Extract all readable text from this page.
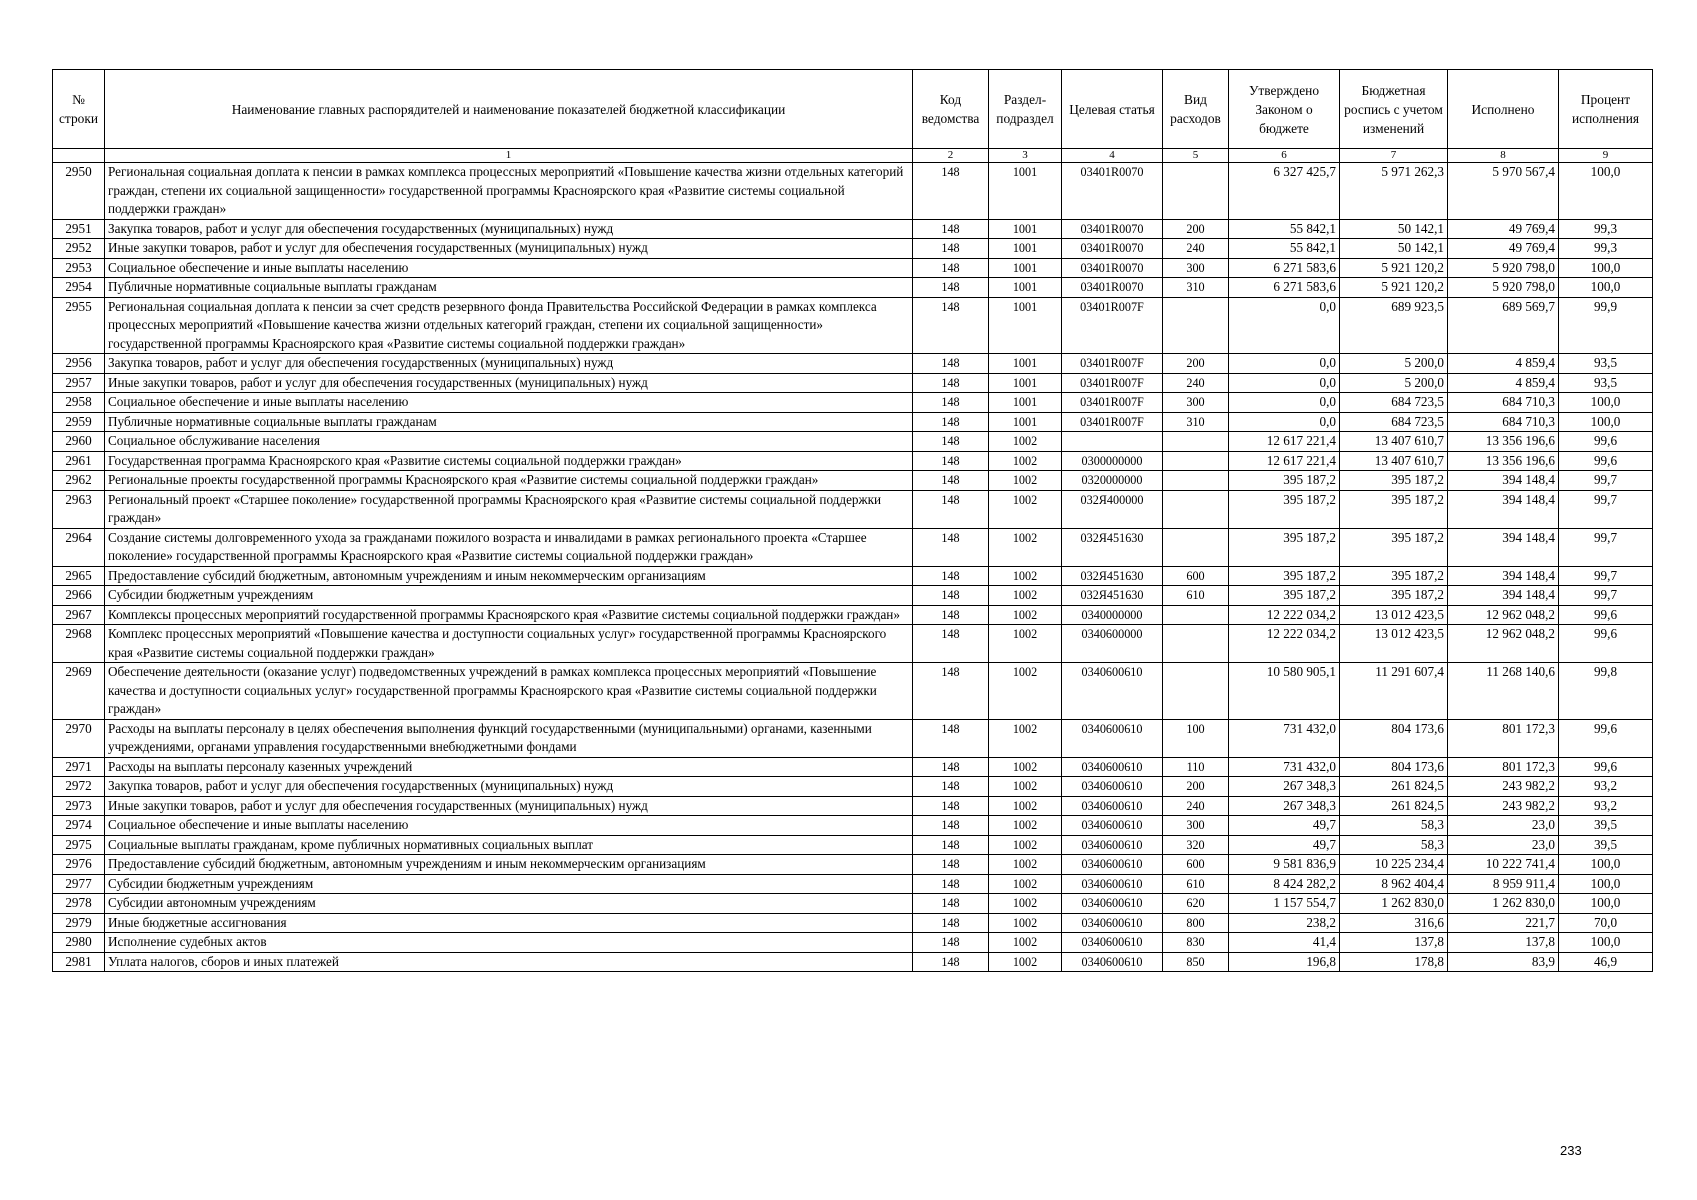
№ строки	Наименование главных распорядителей и наименование показателей бюджетной классификации	Код ведомства	Раздел-подраздел	Целевая статья	Вид расходов	Утверждено Законом о бюджете	Бюджетная роспись с учетом изменений	Исполнено	Процент исполнения
	1	2	3	4	5	6	7	8	9
2950	Региональная социальная доплата к пенсии в рамках комплекса процессных мероприятий «Повышение качества жизни отдельных категорий граждан, степени их социальной защищенности» государственной программы Красноярского края «Развитие системы социальной поддержки граждан»	148	1001	03401R0070		6 327 425,7	5 971 262,3	5 970 567,4	100,0
2951	Закупка товаров, работ и услуг для обеспечения государственных (муниципальных) нужд	148	1001	03401R0070	200	55 842,1	50 142,1	49 769,4	99,3
2952	Иные закупки товаров, работ и услуг для обеспечения государственных (муниципальных) нужд	148	1001	03401R0070	240	55 842,1	50 142,1	49 769,4	99,3
2953	Социальное обеспечение и иные выплаты населению	148	1001	03401R0070	300	6 271 583,6	5 921 120,2	5 920 798,0	100,0
2954	Публичные нормативные социальные выплаты гражданам	148	1001	03401R0070	310	6 271 583,6	5 921 120,2	5 920 798,0	100,0
2955	Региональная социальная доплата к пенсии за счет средств резервного фонда Правительства Российской Федерации в рамках комплекса процессных мероприятий «Повышение качества жизни отдельных категорий граждан, степени их социальной защищенности» государственной программы Красноярского края «Развитие системы социальной поддержки граждан»	148	1001	03401R007F		0,0	689 923,5	689 569,7	99,9
2956	Закупка товаров, работ и услуг для обеспечения государственных (муниципальных) нужд	148	1001	03401R007F	200	0,0	5 200,0	4 859,4	93,5
2957	Иные закупки товаров, работ и услуг для обеспечения государственных (муниципальных) нужд	148	1001	03401R007F	240	0,0	5 200,0	4 859,4	93,5
2958	Социальное обеспечение и иные выплаты населению	148	1001	03401R007F	300	0,0	684 723,5	684 710,3	100,0
2959	Публичные нормативные социальные выплаты гражданам	148	1001	03401R007F	310	0,0	684 723,5	684 710,3	100,0
2960	Социальное обслуживание населения	148	1002			12 617 221,4	13 407 610,7	13 356 196,6	99,6
2961	Государственная программа Красноярского края «Развитие системы социальной поддержки граждан»	148	1002	0300000000		12 617 221,4	13 407 610,7	13 356 196,6	99,6
2962	Региональные проекты государственной программы Красноярского края «Развитие системы социальной поддержки граждан»	148	1002	0320000000		395 187,2	395 187,2	394 148,4	99,7
2963	Региональный проект «Старшее поколение» государственной программы Красноярского края «Развитие системы социальной поддержки граждан»	148	1002	032Я400000		395 187,2	395 187,2	394 148,4	99,7
2964	Создание системы долговременного ухода за гражданами пожилого возраста и инвалидами в рамках регионального проекта «Старшее поколение» государственной программы Красноярского края «Развитие системы социальной поддержки граждан»	148	1002	032Я451630		395 187,2	395 187,2	394 148,4	99,7
2965	Предоставление субсидий бюджетным, автономным учреждениям и иным некоммерческим организациям	148	1002	032Я451630	600	395 187,2	395 187,2	394 148,4	99,7
2966	Субсидии бюджетным учреждениям	148	1002	032Я451630	610	395 187,2	395 187,2	394 148,4	99,7
2967	Комплексы процессных мероприятий государственной программы Красноярского края «Развитие системы социальной поддержки граждан»	148	1002	0340000000		12 222 034,2	13 012 423,5	12 962 048,2	99,6
2968	Комплекс процессных мероприятий «Повышение качества и доступности социальных услуг» государственной программы Красноярского края «Развитие системы социальной поддержки граждан»	148	1002	0340600000		12 222 034,2	13 012 423,5	12 962 048,2	99,6
2969	Обеспечение деятельности (оказание услуг) подведомственных учреждений в рамках комплекса процессных мероприятий «Повышение качества и доступности социальных услуг» государственной программы Красноярского края «Развитие системы социальной поддержки граждан»	148	1002	0340600610		10 580 905,1	11 291 607,4	11 268 140,6	99,8
2970	Расходы на выплаты персоналу в целях обеспечения выполнения функций государственными (муниципальными) органами, казенными учреждениями, органами управления государственными внебюджетными фондами	148	1002	0340600610	100	731 432,0	804 173,6	801 172,3	99,6
2971	Расходы на выплаты персоналу казенных учреждений	148	1002	0340600610	110	731 432,0	804 173,6	801 172,3	99,6
2972	Закупка товаров, работ и услуг для обеспечения государственных (муниципальных) нужд	148	1002	0340600610	200	267 348,3	261 824,5	243 982,2	93,2
2973	Иные закупки товаров, работ и услуг для обеспечения государственных (муниципальных) нужд	148	1002	0340600610	240	267 348,3	261 824,5	243 982,2	93,2
2974	Социальное обеспечение и иные выплаты населению	148	1002	0340600610	300	49,7	58,3	23,0	39,5
2975	Социальные выплаты гражданам, кроме публичных нормативных социальных выплат	148	1002	0340600610	320	49,7	58,3	23,0	39,5
2976	Предоставление субсидий бюджетным, автономным учреждениям и иным некоммерческим организациям	148	1002	0340600610	600	9 581 836,9	10 225 234,4	10 222 741,4	100,0
2977	Субсидии бюджетным учреждениям	148	1002	0340600610	610	8 424 282,2	8 962 404,4	8 959 911,4	100,0
2978	Субсидии автономным учреждениям	148	1002	0340600610	620	1 157 554,7	1 262 830,0	1 262 830,0	100,0
2979	Иные бюджетные ассигнования	148	1002	0340600610	800	238,2	316,6	221,7	70,0
2980	Исполнение судебных актов	148	1002	0340600610	830	41,4	137,8	137,8	100,0
2981	Уплата налогов, сборов и иных платежей	148	1002	0340600610	850	196,8	178,8	83,9	46,9
233
